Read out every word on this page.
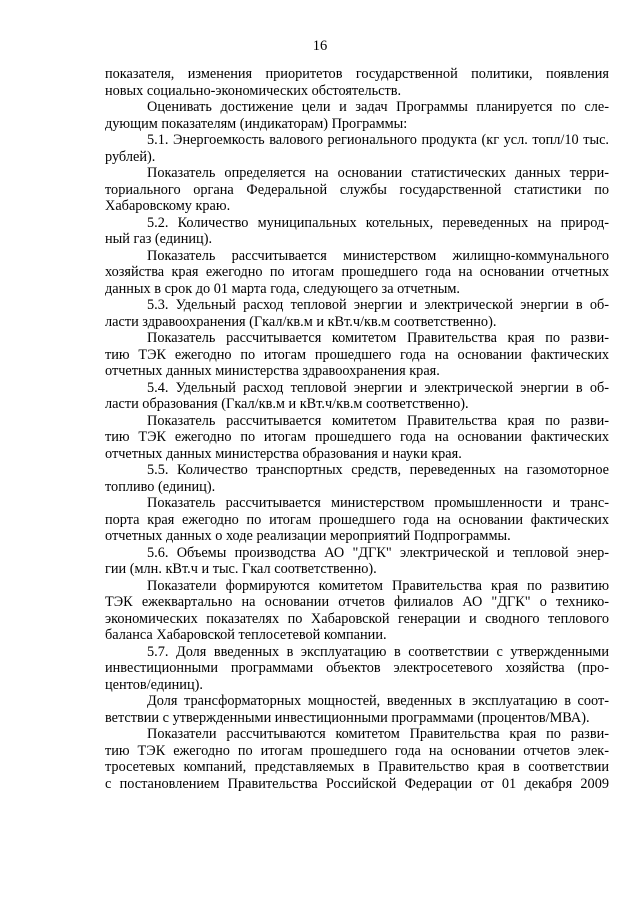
16
показателя, изменения приоритетов государственной политики, появления
новых социально-экономических обстоятельств.
Оценивать достижение цели и задач Программы планируется по сле-
дующим показателям (индикаторам) Программы:
5.1. Энергоемкость валового регионального продукта (кг усл. топл/10 тыс.
рублей).
Показатель определяется на основании статистических данных терри-
ториального органа Федеральной службы государственной статистики по
Хабаровскому краю.
5.2. Количество муниципальных котельных, переведенных на природ-
ный газ (единиц).
Показатель рассчитывается министерством жилищно-коммунального
хозяйства края ежегодно по итогам прошедшего года на основании отчетных
данных в срок до 01 марта года, следующего за отчетным.
5.3. Удельный расход тепловой энергии и электрической энергии в об-
ласти здравоохранения (Гкал/кв.м и кВт.ч/кв.м соответственно).
Показатель рассчитывается комитетом Правительства края по разви-
тию ТЭК ежегодно по итогам прошедшего года на основании фактических
отчетных данных министерства здравоохранения края.
5.4. Удельный расход тепловой энергии и электрической энергии в об-
ласти образования (Гкал/кв.м и кВт.ч/кв.м соответственно).
Показатель рассчитывается комитетом Правительства края по разви-
тию ТЭК ежегодно по итогам прошедшего года на основании фактических
отчетных данных министерства образования и науки края.
5.5. Количество транспортных средств, переведенных на газомоторное
топливо (единиц).
Показатель рассчитывается министерством промышленности и транс-
порта края ежегодно по итогам прошедшего года на основании фактических
отчетных данных о ходе реализации мероприятий Подпрограммы.
5.6. Объемы производства АО "ДГК" электрической и тепловой энер-
гии (млн. кВт.ч и тыс. Гкал соответственно).
Показатели формируются комитетом Правительства края по развитию
ТЭК ежеквартально на основании отчетов филиалов АО "ДГК" о технико-
экономических показателях по Хабаровской генерации и сводного теплового
баланса Хабаровской теплосетевой компании.
5.7. Доля введенных в эксплуатацию в соответствии с утвержденными
инвестиционными программами объектов электросетевого хозяйства (про-
центов/единиц).
Доля трансформаторных мощностей, введенных в эксплуатацию в соот-
ветствии с утвержденными инвестиционными программами (процентов/МВА).
Показатели рассчитываются комитетом Правительства края по разви-
тию ТЭК ежегодно по итогам прошедшего года на основании отчетов элек-
тросетевых компаний, представляемых в Правительство края в соответствии
с постановлением Правительства Российской Федерации от 01 декабря 2009
